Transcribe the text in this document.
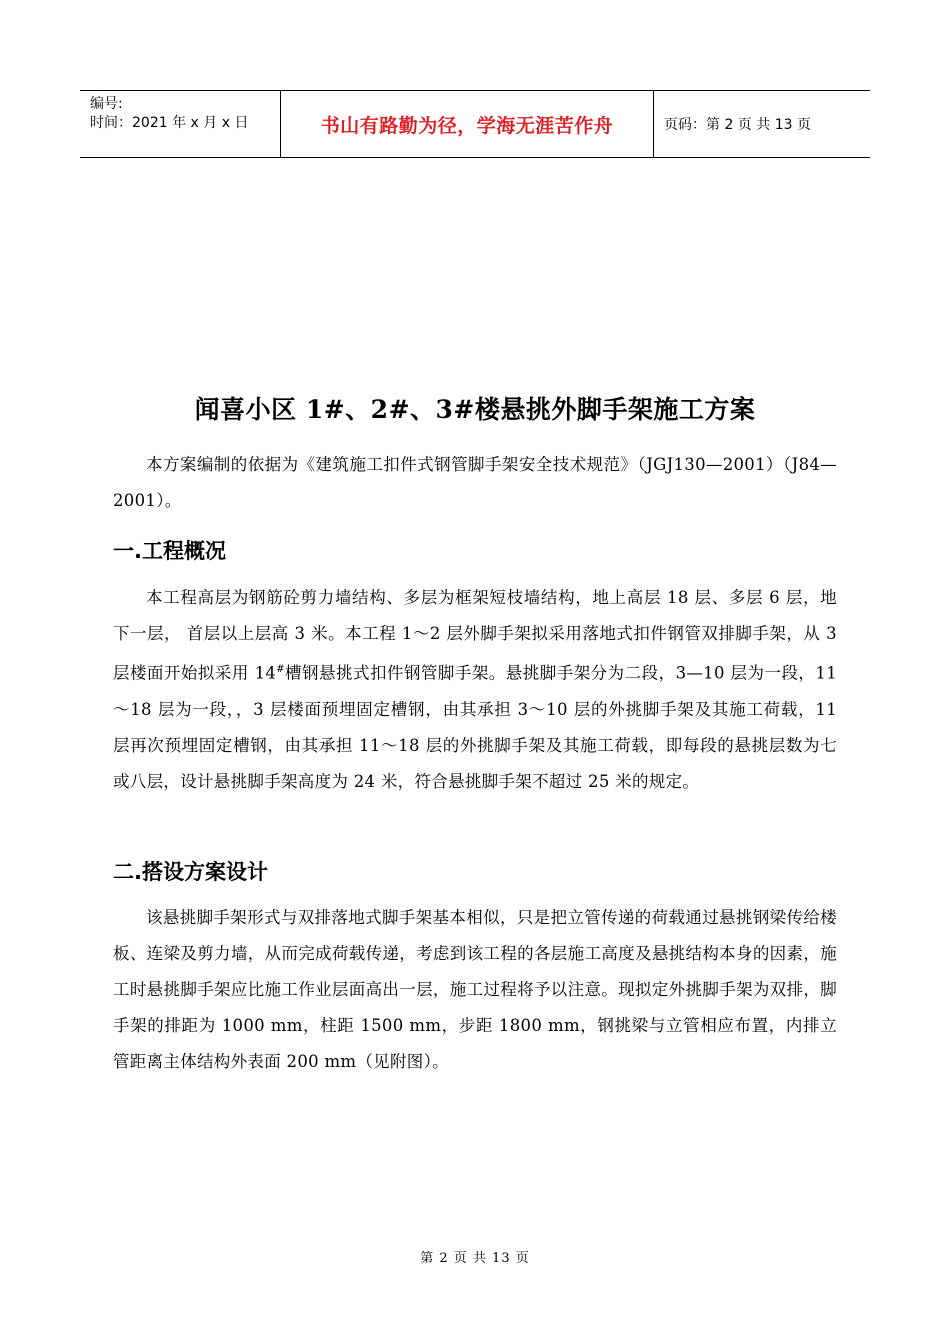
编号:
时间：2021 年 x 月 x 日	书山有路勤为径，学海无涯苦作舟	页码：第 2 页 共 13 页
闻喜小区 1#、2#、3#楼悬挑外脚手架施工方案
本方案编制的依据为《建筑施工扣件式钢管脚手架安全技术规范》（JGJ130—2001）（J84—2001）。
一.工程概况
本工程高层为钢筋砼剪力墙结构、多层为框架短枝墙结构，地上高层 18 层、多层 6 层，地下一层， 首层以上层高 3 米。本工程 1～2 层外脚手架拟采用落地式扣件钢管双排脚手架，从 3 层楼面开始拟采用 14#槽钢悬挑式扣件钢管脚手架。悬挑脚手架分为二段，3—10 层为一段，11～18 层为一段，，3 层楼面预埋固定槽钢，由其承担 3～10 层的外挑脚手架及其施工荷载，11 层再次预埋固定槽钢，由其承担 11～18 层的外挑脚手架及其施工荷载，即每段的悬挑层数为七或八层，设计悬挑脚手架高度为 24 米，符合悬挑脚手架不超过 25 米的规定。
二.搭设方案设计
该悬挑脚手架形式与双排落地式脚手架基本相似，只是把立管传递的荷载通过悬挑钢梁传给楼板、连梁及剪力墙，从而完成荷载传递，考虑到该工程的各层施工高度及悬挑结构本身的因素，施工时悬挑脚手架应比施工作业层面高出一层，施工过程将予以注意。现拟定外挑脚手架为双排，脚手架的排距为 1000 mm，柱距 1500 mm，步距 1800 mm，钢挑梁与立管相应布置，内排立管距离主体结构外表面 200 mm（见附图）。
第 2 页 共 13 页
